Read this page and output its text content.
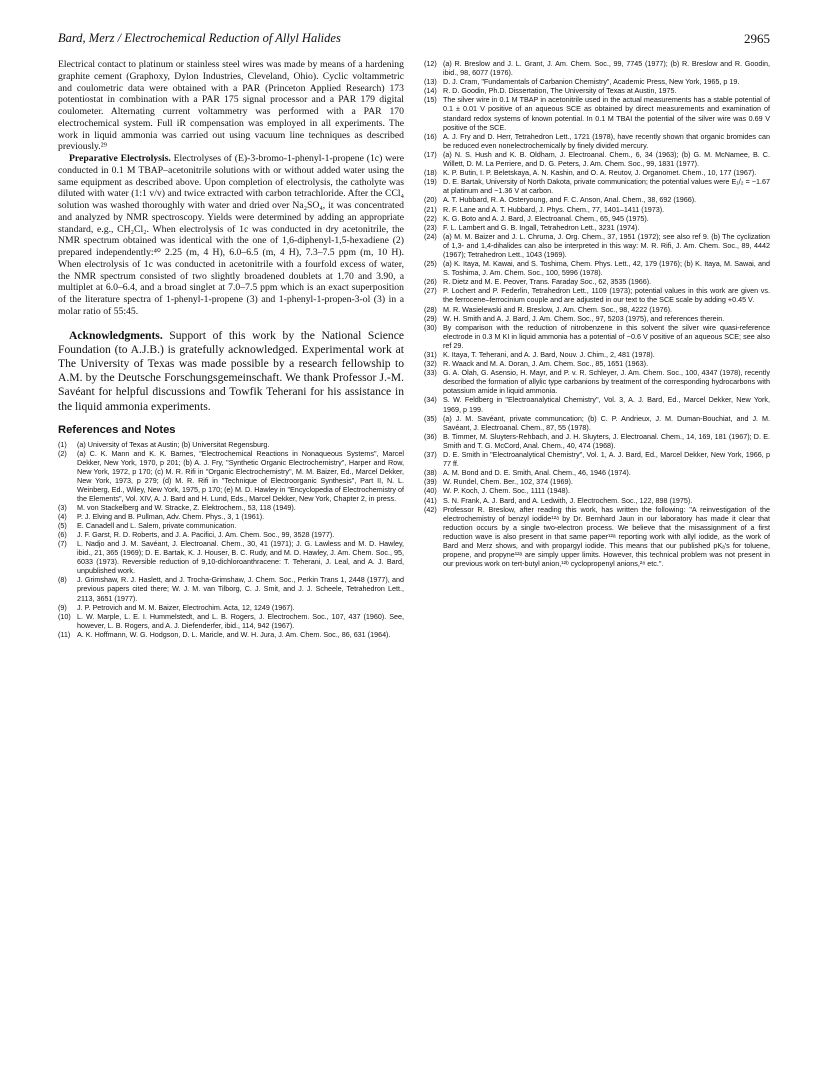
Bard, Merz / Electrochemical Reduction of Allyl Halides	2965

Electrical contact to platinum or stainless steel wires was made by means of a hardening graphite cement (Graphoxy, Dylon Industries, Cleveland, Ohio). Cyclic voltammetric and coulometric data were obtained with a PAR (Princeton Applied Research) 173 potentiostat in combination with a PAR 175 signal processor and a PAR 179 digital coulometer. Alternating current voltammetry was performed with a PAR 170 electrochemical system. Full iR compensation was employed in all experiments. The work in liquid ammonia was carried out using vacuum line techniques as described previously.²⁹

Preparative Electrolysis. Electrolyses of (E)-3-bromo-1-phenyl-1-propene (1c) were conducted in 0.1 M TBAP–acetonitrile solutions with or without added water using the same equipment as described above. Upon completion of electrolysis, the catholyte was diluted with water (1:1 v/v) and twice extracted with carbon tetrachloride. After the CCl₄ solution was washed thoroughly with water and dried over Na₂SO₄, it was concentrated and analyzed by NMR spectroscopy. Yields were determined by adding an appropriate standard, e.g., CH₂Cl₂. When electrolysis of 1c was conducted in dry acetonitrile, the NMR spectrum obtained was identical with the one of 1,6-diphenyl-1,5-hexadiene (2) prepared independently:⁴⁰ 2.25 (m, 4 H), 6.0–6.5 (m, 4 H), 7.3–7.5 ppm (m, 10 H). When electrolysis of 1c was conducted in acetonitrile with a fourfold excess of water, the NMR spectrum consisted of two slightly broadened doublets at 1.70 and 3.90, a multiplet at 6.0–6.4, and a broad singlet at 7.0–7.5 ppm which is an exact superposition of the literature spectra of 1-phenyl-1-propene (3) and 1-phenyl-1-propen-3-ol (3) in a molar ratio of 55:45.

Acknowledgments. Support of this work by the National Science Foundation (to A.J.B.) is gratefully acknowledged. Experimental work at The University of Texas was made possible by a research fellowship to A.M. by the Deutsche Forschungsgemeinschaft. We thank Professor J.-M. Savéant for helpful discussions and Towfik Teherani for his assistance in the liquid ammonia experiments.

References and Notes
(1) (a) University of Texas at Austin; (b) Universitat Regensburg.
(2) (a) C. K. Mann and K. K. Barnes, "Electrochemical Reactions in Nonaqueous Systems", Marcel Dekker, New York, 1970, p 201; (b) A. J. Fry, "Synthetic Organic Electrochemistry", Harper and Row, New York, 1972, p 170; (c) M. R. Rifi in "Organic Electrochemistry", M. M. Baizer, Ed., Marcel Dekker, New York, 1973, p 279; (d) M. R. Rifi in "Technique of Electroorganic Synthesis", Part II, N. L. Weinberg, Ed., Wiley, New York, 1975, p 170; (e) M. D. Hawley in "Encyclopedia of Electrochemistry of the Elements", Vol. XIV, A. J. Bard and H. Lund, Eds., Marcel Dekker, New York, Chapter 2, in press.
(3) M. von Stackelberg and W. Stracke, Z. Elektrochem., 53, 118 (1949).
(4) P. J. Elving and B. Pullman, Adv. Chem. Phys., 3, 1 (1961).
(5) E. Canadell and L. Salem, private communication.
(6) J. F. Garst, R. D. Roberts, and J. A. Pacifici, J. Am. Chem. Soc., 99, 3528 (1977).
(7) L. Nadjo and J. M. Savéant, J. Electroanal. Chem., 30, 41 (1971); J. G. Lawless and M. D. Hawley, ibid., 21, 365 (1969); D. E. Bartak, K. J. Houser, B. C. Rudy, and M. D. Hawley, J. Am. Chem. Soc., 95, 6033 (1973). Reversible reduction of 9,10-dichloroanthracene: T. Teherani, J. Leal, and A. J. Bard, unpublished work.
(8) J. Grimshaw, R. J. Haslett, and J. Trocha-Grimshaw, J. Chem. Soc., Perkin Trans 1, 2448 (1977), and previous papers cited there; W. J. M. van Tilborg, C. J. Smit, and J. J. Scheele, Tetrahedron Lett., 2113, 3651 (1977).
(9) J. P. Petrovich and M. M. Baizer, Electrochim. Acta, 12, 1249 (1967).
(10) L. W. Marple, L. E. I. Hummelstedt, and L. B. Rogers, J. Electrochem. Soc., 107, 437 (1960). See, however, L. B. Rogers, and A. J. Diefenderfer, ibid., 114, 942 (1967).
(11) A. K. Hoffmann, W. G. Hodgson, D. L. Maricle, and W. H. Jura, J. Am. Chem. Soc., 86, 631 (1964).
(12) (a) R. Breslow and J. L. Grant, J. Am. Chem. Soc., 99, 7745 (1977); (b) R. Breslow and R. Goodin, ibid., 98, 6077 (1976).
(13) D. J. Cram, "Fundamentals of Carbanion Chemistry", Academic Press, New York, 1965, p 19.
(14) R. D. Goodin, Ph.D. Dissertation, The University of Texas at Austin, 1975.
(15) The silver wire in 0.1 M TBAP in acetonitrile used in the actual measurements has a stable potential of 0.1 ± 0.01 V positive of an aqueous SCE as obtained by direct measurements and examination of standard redox systems of known potential. In 0.1 M TBAI the potential of the silver wire was 0.69 V positive of the SCE.
(16) A. J. Fry and D. Herr, Tetrahedron Lett., 1721 (1978), have recently shown that organic bromides can be reduced even nonelectrochemically by finely divided mercury.
(17) (a) N. S. Hush and K. B. Oldham, J. Electroanal. Chem., 6, 34 (1963); (b) G. M. McNamee, B. C. Willett, D. M. La Perriere, and D. G. Peters, J. Am. Chem. Soc., 99, 1831 (1977).
(18) K. P. Butin, I. P. Beletskaya, A. N. Kashin, and O. A. Reutov, J. Organomet. Chem., 10, 177 (1967).
(19) D. E. Bartak, University of North Dakota, private communication; the potential values were E₁/₂ = −1.67 at platinum and −1.36 V at carbon.
(20) A. T. Hubbard, R. A. Osteryoung, and F. C. Anson, Anal. Chem., 38, 692 (1966).
(21) R. F. Lane and A. T. Hubbard, J. Phys. Chem., 77, 1401–1411 (1973).
(22) K. G. Boto and A. J. Bard, J. Electroanal. Chem., 65, 945 (1975).
(23) F. L. Lambert and G. B. Ingall, Tetrahedron Lett., 3231 (1974).
(24) (a) M. M. Baizer and J. L. Chruma, J. Org. Chem., 37, 1951 (1972); see also ref 9. (b) The cyclization of 1,3- and 1,4-dihalides can also be interpreted in this way: M. R. Rifi, J. Am. Chem. Soc., 89, 4442 (1967); Tetrahedron Lett., 1043 (1969).
(25) (a) K. Itaya, M. Kawai, and S. Toshima, Chem. Phys. Lett., 42, 179 (1976); (b) K. Itaya, M. Sawai, and S. Toshima, J. Am. Chem. Soc., 100, 5996 (1978).
(26) R. Dietz and M. E. Peover, Trans. Faraday Soc., 62, 3535 (1966).
(27) P. Lochert and P. Federlin, Tetrahedron Lett., 1109 (1973); potential values in this work are given vs. the ferrocene–ferrocinium couple and are adjusted in our text to the SCE scale by adding +0.45 V.
(28) M. R. Wasielewski and R. Breslow, J. Am. Chem. Soc., 98, 4222 (1976).
(29) W. H. Smith and A. J. Bard, J. Am. Chem. Soc., 97, 5203 (1975), and references therein.
(30) By comparison with the reduction of nitrobenzene in this solvent the silver wire quasi-reference electrode in 0.3 M KI in liquid ammonia has a potential of ~0.6 V positive of an aqueous SCE; see also ref 29.
(31) K. Itaya, T. Teherani, and A. J. Bard, Nouv. J. Chim., 2, 481 (1978).
(32) R. Waack and M. A. Doran, J. Am. Chem. Soc., 85, 1651 (1963).
(33) G. A. Olah, G. Asensio, H. Mayr, and P. v. R. Schleyer, J. Am. Chem. Soc., 100, 4347 (1978), recently described the formation of allylic type carbanions by treatment of the corresponding hydrocarbons with potassium amide in liquid ammonia.
(34) S. W. Feldberg in "Electroanalytical Chemistry", Vol. 3, A. J. Bard, Ed., Marcel Dekker, New York, 1969, p 199.
(35) (a) J. M. Savéant, private communcation; (b) C. P. Andrieux, J. M. Duman-Bouchiat, and J. M. Savéant, J. Electroanal. Chem., 87, 55 (1978).
(36) B. Timmer, M. Sluyters-Rehbach, and J. H. Sluyters, J. Electroanal. Chem., 14, 169, 181 (1967); D. E. Smith and T. G. McCord, Anal. Chem., 40, 474 (1968).
(37) D. E. Smith in "Electroanalytical Chemistry", Vol. 1, A. J. Bard, Ed., Marcel Dekker, New York, 1966, p 77 ff.
(38) A. M. Bond and D. E. Smith, Anal. Chem., 46, 1946 (1974).
(39) W. Rundel, Chem. Ber., 102, 374 (1969).
(40) W. P. Koch, J. Chem. Soc., 1111 (1948).
(41) S. N. Frank, A. J. Bard, and A. Ledwith, J. Electrochem. Soc., 122, 898 (1975).
(42) Professor R. Breslow, after reading this work, has written the following: "A reinvestigation of the electrochemistry of benzyl iodide¹²ᵃ by Dr. Bernhard Jaun in our laboratory has made it clear that reduction occurs by a single two-electron process. We believe that the misassignment of a first reduction wave is also present in that same paper¹²ᵃ reporting work with allyl iodide, as the work of Bard and Merz shows, and with propargyl iodide. This means that our published pKₐ's for toluene, propene, and propyne¹²ᵃ are simply upper limits. However, this technical problem was not present in our previous work on tert-butyl anion,¹²ᵇ cyclopropenyl anions,²⁸ etc.".
